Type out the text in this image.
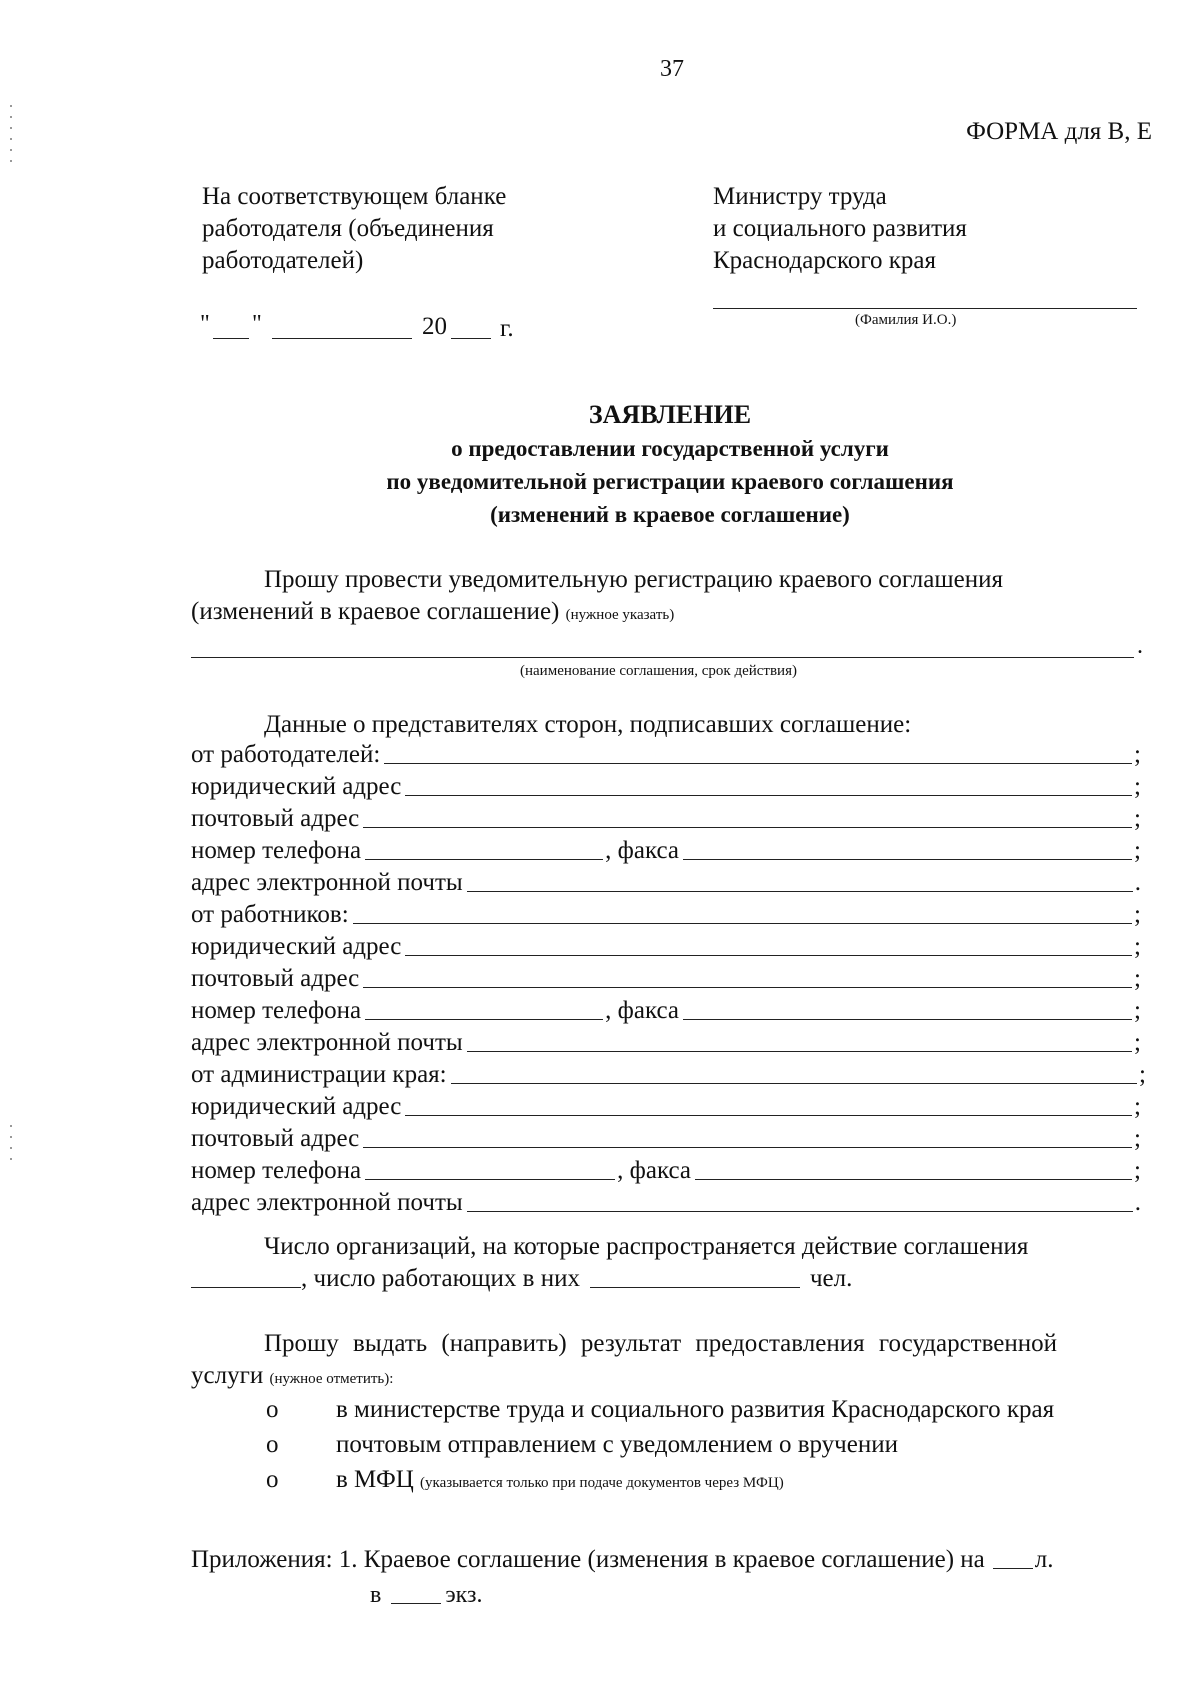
37
ФОРМА для В, Е
На соответствующем бланке
работодателя (объединения
работодателей)
" "	20 г.
Министру труда
и социального развития
Краснодарского края
(Фамилия И.О.)
ЗАЯВЛЕНИЕ
о предоставлении государственной услуги
по уведомительной регистрации краевого соглашения
(изменений в краевое соглашение)
Прошу провести уведомительную регистрацию краевого соглашения
(изменений в краевое соглашение) (нужное указать)
.
(наименование соглашения, срок действия)
Данные о представителях сторон, подписавших соглашение:
от работодателей:	;
юридический адрес	;
почтовый адрес	;
номер телефона	, факса	;
адрес электронной почты	.
от работников:	;
юридический адрес	;
почтовый адрес	;
номер телефона	, факса	;
адрес электронной почты	;
от администрации края:	;
юридический адрес	;
почтовый адрес	;
номер телефона	, факса	;
адрес электронной почты	.
Число организаций, на которые распространяется действие соглашения
, число работающих в них	чел.
Прошу выдать (направить) результат предоставления государственной
услуги (нужное отметить):
о в министерстве труда и социального развития Краснодарского края
о почтовым отправлением с уведомлением о вручении
о в МФЦ (указывается только при подаче документов через МФЦ)
Приложения: 1. Краевое соглашение (изменения в краевое соглашение) на л.
в	экз.
